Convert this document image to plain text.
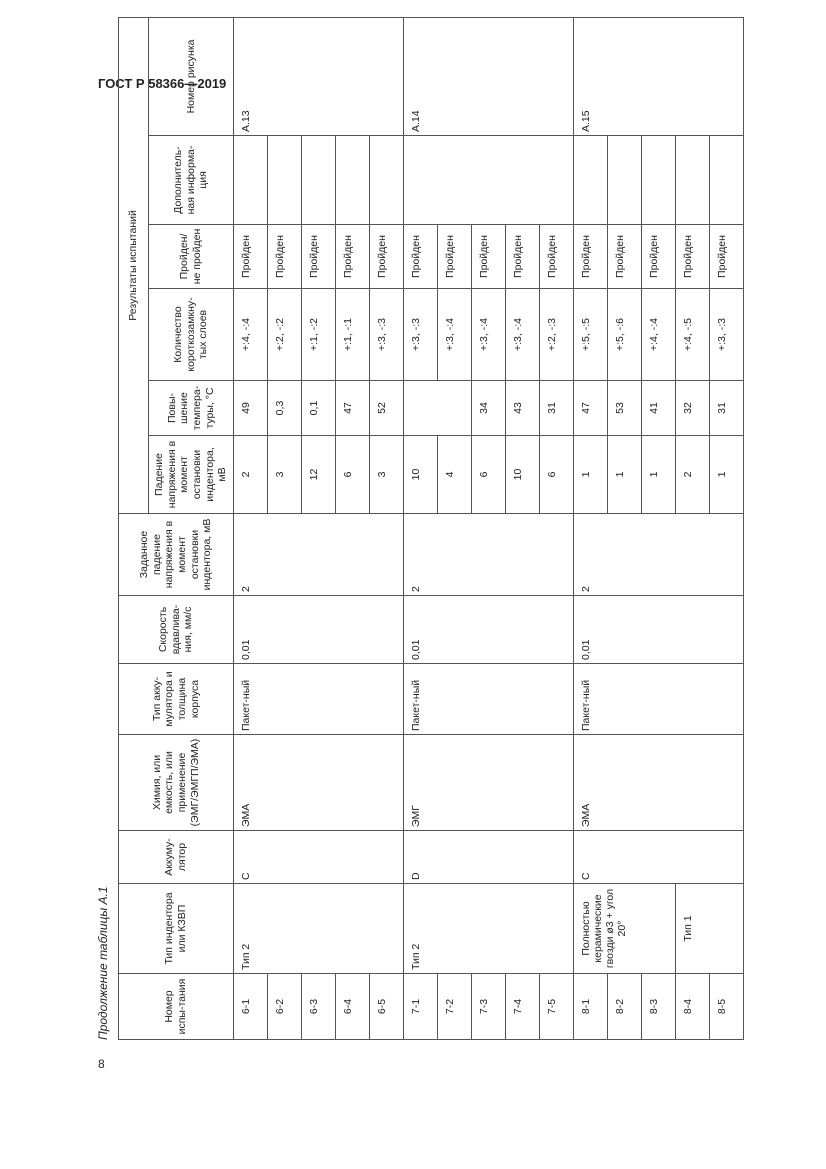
ГОСТ Р 58366—2019
8
Продолжение таблицы А.1	Номер испы-тания	Тип индентора или КЗВП	Аккуму-лятор	Химия, или емкость, или применение (ЭМГ/ЭМГП/ЭМА)	Тип акку-мулятора и толщина корпуса	Скорость вдавлива-ния, мм/с	Заданное падение напряжения в момент остановки индентора, мВ	Результаты испытаний					
							Падение напряжения в момент остановки индентора, мВ	Повы-шение темпера-туры, °С	Количество короткозамкну-тых слоев	Пройден/ не пройден	Дополнитель-ная информа-ция	Номер рисунка
6-1	Тип 2	C	ЭМА	Пакет-ный	0,01	2	2	49	+:4, -:4	Пройден		А.13
6-2							3	0,3	+:2, -:2	Пройден		
6-3							12	0,1	+:1, -:2	Пройден		
6-4							6	47	+:1, -:1	Пройден		
6-5							3	52	+:3, -:3	Пройден		
7-1	Тип 2	D	ЭМГ	Пакет-ный	0,01	2	10		+:3, -:3	Пройден		А.14
7-2							4		+:3, -:4	Пройден		
7-3							6	34	+:3, -:4	Пройден		
7-4							10	43	+:3, -:4	Пройден		
7-5							6	31	+:2, -:3	Пройден		
8-1	Полностью керамические гвозди ø3 + угол 20°	C	ЭМА	Пакет-ный	0,01	2	1	47	+:5, -:5	Пройден		А.15
8-2							1	53	+:5, -:6	Пройден		
8-3							1	41	+:4, -:4	Пройден		
8-4	Тип 1						2	32	+:4, -:5	Пройден		
8-5							1	31	+:3, -:3	Пройден		
